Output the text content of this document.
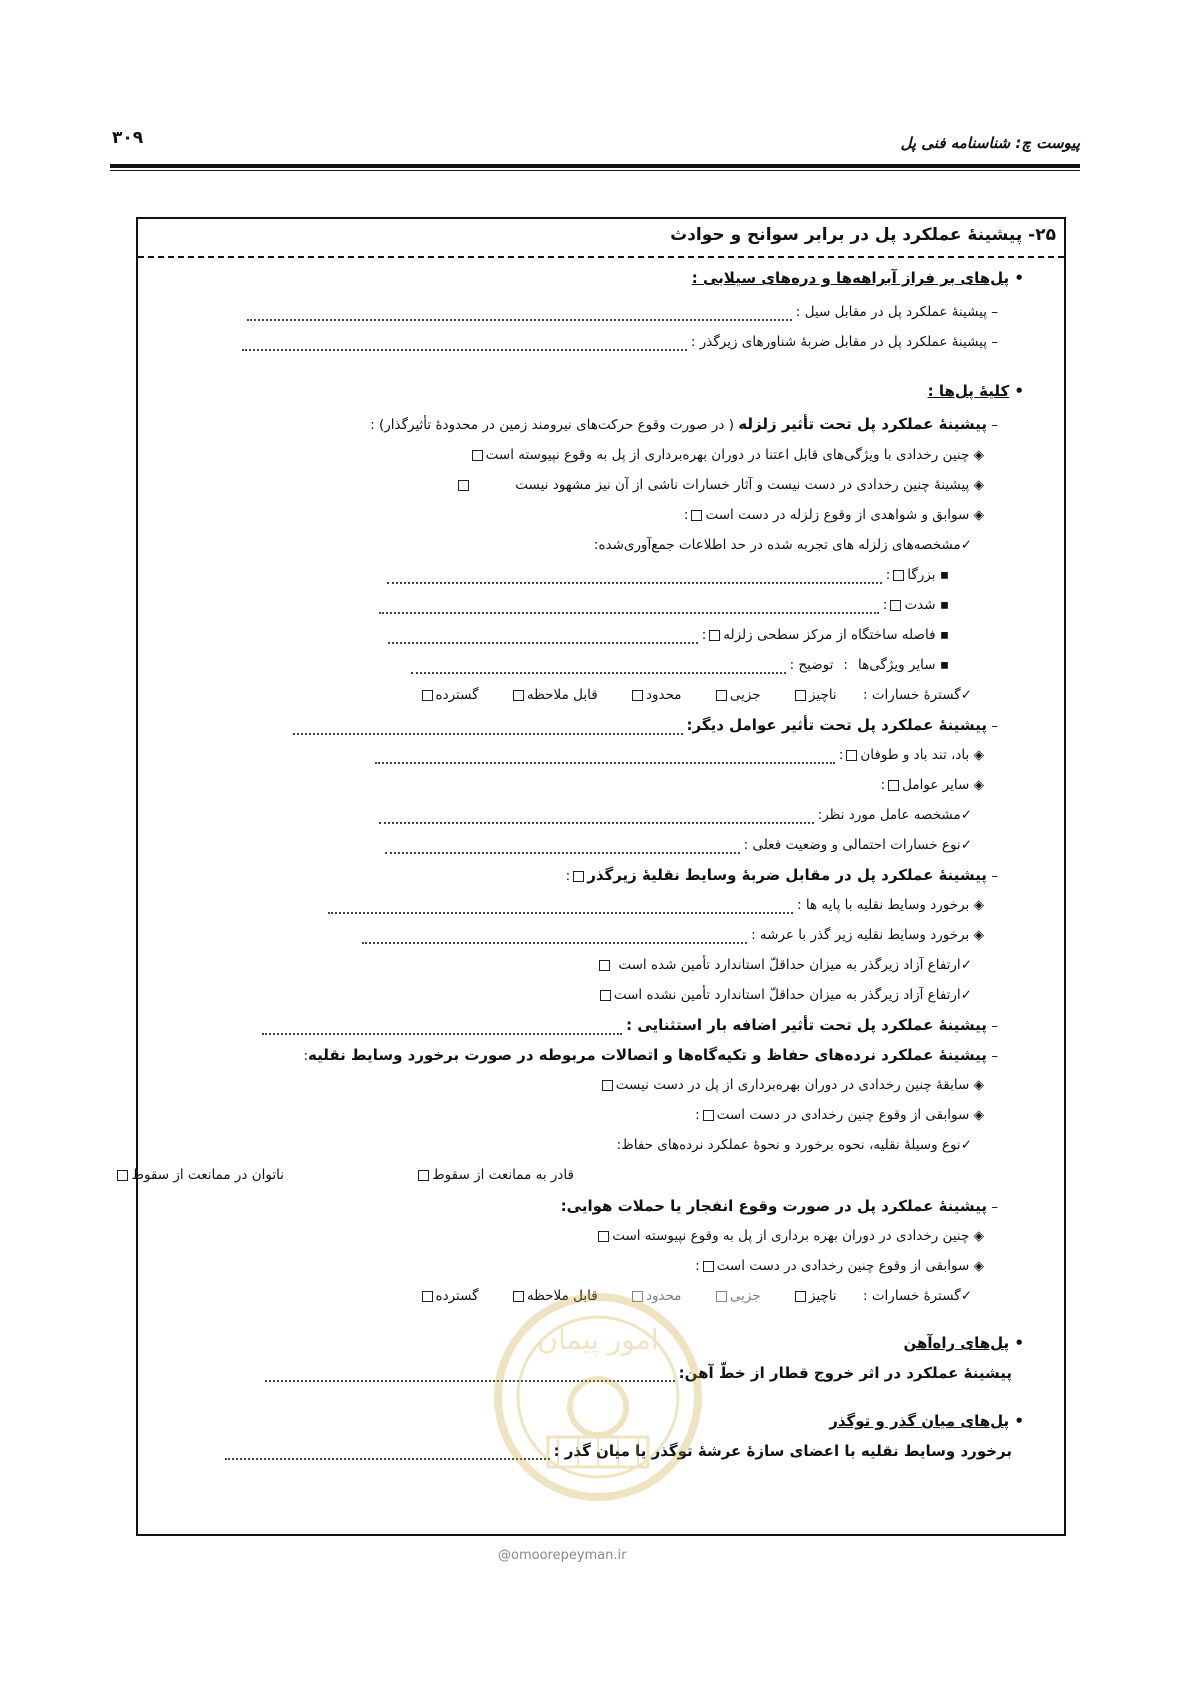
پیوست چ: شناسنامه فنی پل
۳۰۹
۲۵- پیشینهٔ عملکرد پل در برابر سوانح و حوادث
• پل‌های بر فراز آبراهه‌ها و دره‌های سیلابی :
– پیشینهٔ عملکرد پل در مقابل سیل :
– پیشینهٔ عملکرد پل در مقابل ضربهٔ شناورهای زیرگذر :
• کلیهٔ پل‌ها :
– پیشینهٔ عملکرد پل تحت تأثیر زلزله ( در صورت وقوع حرکت‌های نیرومند زمین در محدودهٔ تأثیرگذار) :
◈ چنین رخدادی با ویژگی‌های قابل اعتنا در دوران بهره‌برداری از پل به وقوع نپیوسته است
◈ پیشینهٔ چنین رخدادی در دست نیست و آثار خسارات ناشی از آن نیز مشهود نیست
◈ سوابق و شواهدی از وقوع زلزله در دست است:
✓مشخصه‌های زلزله های تجربه شده در حد اطلاعات جمع‌آوری‌شده:
▪ بزرگا:
▪ شدت:
▪ فاصله ساختگاه از مرکز سطحی زلزله:
▪ سایر ویژگی‌ها:توضیح :
✓گسترهٔ خسارات : ناچیز جزیی محدود قابل ملاحظه گسترده
– پیشینهٔ عملکرد پل تحت تأثیر عوامل دیگر:
◈ باد، تند باد و طوفان:
◈ سایر عوامل:
✓مشخصه عامل مورد نظر:
✓نوع خسارات احتمالی و وضعیت فعلی :
– پیشینهٔ عملکرد پل در مقابل ضربهٔ وسایط نقلیهٔ زیرگذر:
◈ برخورد وسایط نقلیه با پایه ها :
◈ برخورد وسایط نقلیه زیر گذر با عرشه :
✓ارتفاع آزاد زیرگذر به میزان حداقلّ استاندارد تأمین شده است
✓ارتفاع آزاد زیرگذر به میزان حداقلّ استاندارد تأمین نشده است
– پیشینهٔ عملکرد پل تحت تأثیر اضافه بار استثنایی :
– پیشینهٔ عملکرد نرده‌های حفاظ و تکیه‌گاه‌ها و اتصالات مربوطه در صورت برخورد وسایط نقلیه:
◈ سابقهٔ چنین رخدادی در دوران بهره‌برداری از پل در دست نیست
◈ سوابقی از وقوع چنین رخدادی در دست است:
✓نوع وسیلهٔ نقلیه، نحوه برخورد و نحوهٔ عملکرد نرده‌های حفاظ:
قادر به ممانعت از سقوط
ناتوان در ممانعت از سقوط
– پیشینهٔ عملکرد پل در صورت وقوع انفجار یا حملات هوایی:
◈ چنین رخدادی در دوران بهره برداری از پل به وقوع نپیوسته است
◈ سوابقی از وقوع چنین رخدادی در دست است:
✓گسترهٔ خسارات : ناچیز جزیی محدود قابل ملاحظه گسترده
• پل‌های راه‌آهن
پیشینهٔ عملکرد در اثر خروج قطار از خطّ آهن:
• پل‌های میان گذر و توگذر
برخورد وسایط نقلیه با اعضای سازهٔ عرشهٔ توگذر یا میان گذر :
امور پیمان
@omoorepeyman.ir
